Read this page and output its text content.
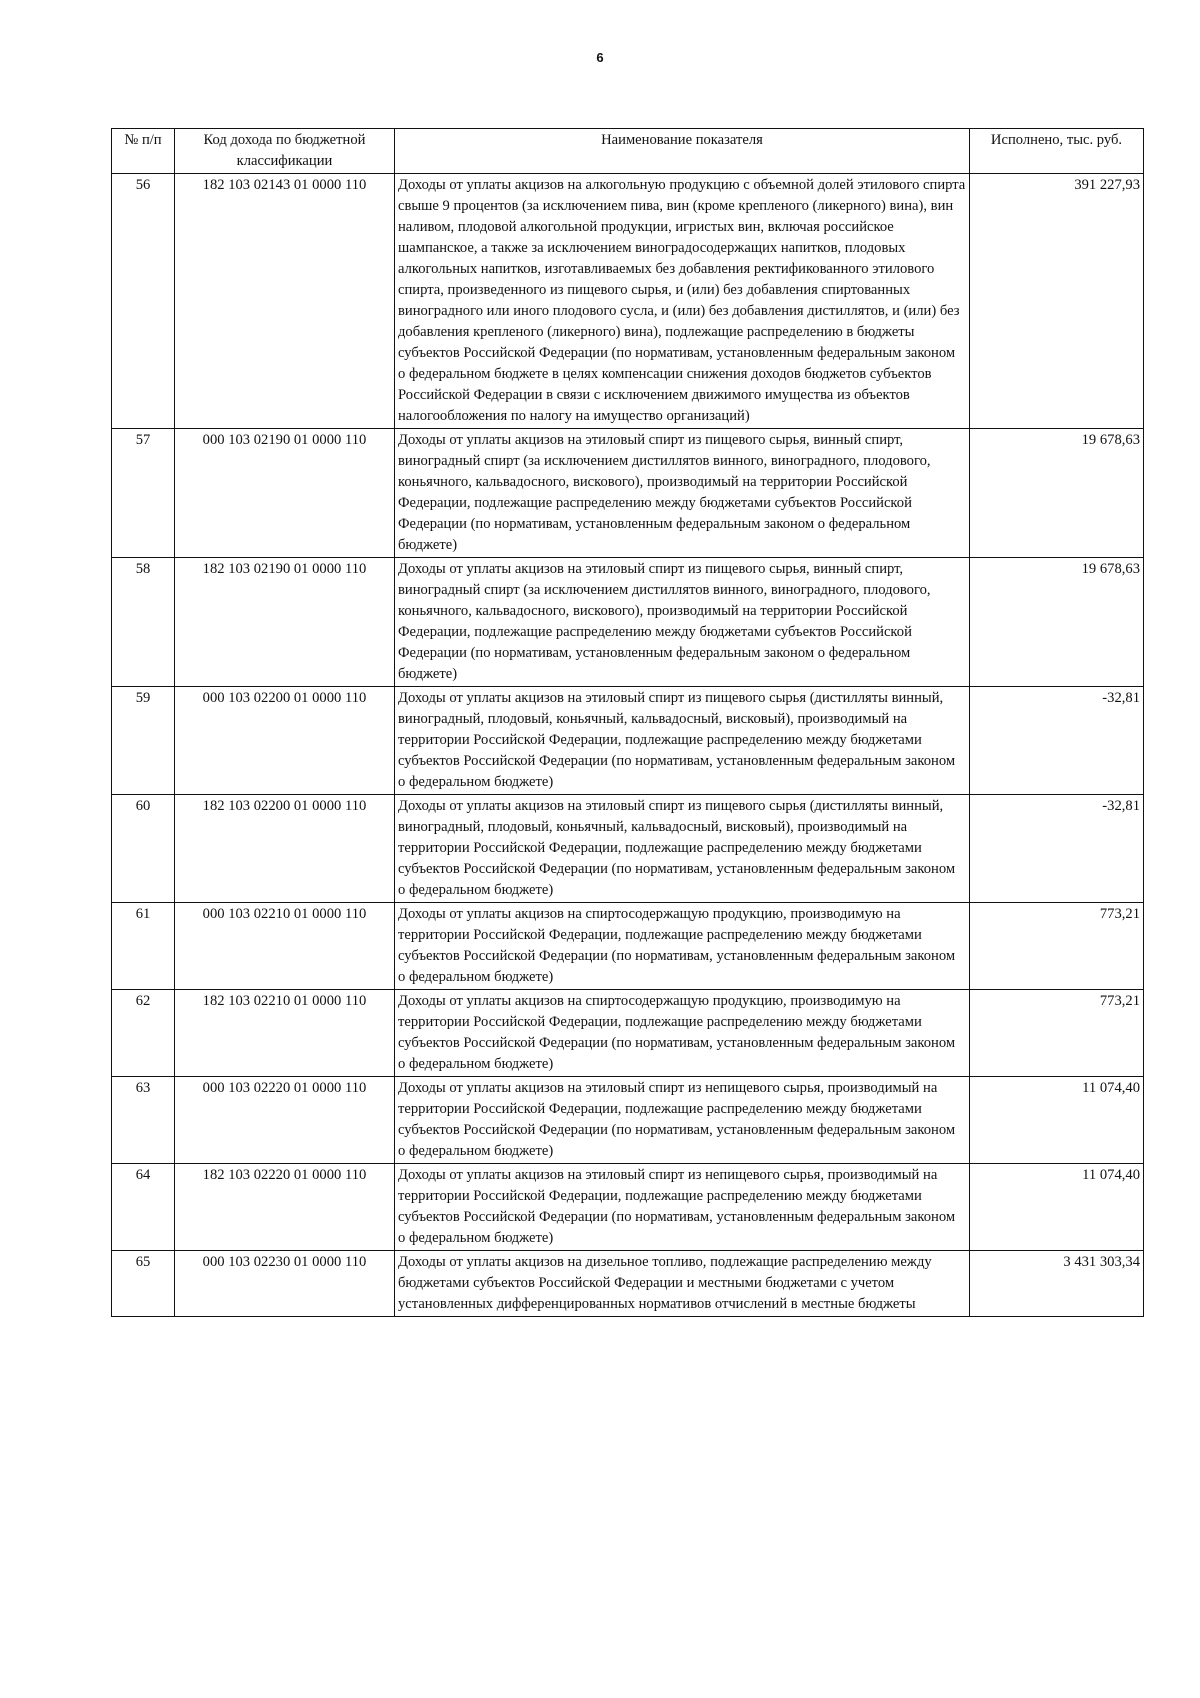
6
№ п/п	Код дохода по бюджетной классификации	Наименование показателя	Исполнено, тыс. руб.
56	182 103 02143 01 0000 110	Доходы от уплаты акцизов на алкогольную продукцию с объемной долей этилового спирта свыше 9 процентов (за исключением пива, вин (кроме крепленого (ликерного) вина), вин наливом, плодовой алкогольной продукции, игристых вин, включая российское шампанское, а также за исключением виноградосодержащих напитков, плодовых алкогольных напитков, изготавливаемых без добавления ректификованного этилового спирта, произведенного из пищевого сырья, и (или) без добавления спиртованных виноградного или иного плодового сусла, и (или) без добавления дистиллятов, и (или) без добавления крепленого (ликерного) вина), подлежащие распределению в бюджеты субъектов Российской Федерации (по нормативам, установленным федеральным законом о федеральном бюджете в целях компенсации снижения доходов бюджетов субъектов Российской Федерации в связи с исключением движимого имущества из объектов налогообложения по налогу на имущество организаций)	391 227,93
57	000 103 02190 01 0000 110	Доходы от уплаты акцизов на этиловый спирт из пищевого сырья, винный спирт, виноградный спирт (за исключением дистиллятов винного, виноградного, плодового, коньячного, кальвадосного, вискового), производимый на территории Российской Федерации, подлежащие распределению между бюджетами субъектов Российской Федерации (по нормативам, установленным федеральным законом о федеральном бюджете)	19 678,63
58	182 103 02190 01 0000 110	Доходы от уплаты акцизов на этиловый спирт из пищевого сырья, винный спирт, виноградный спирт (за исключением дистиллятов винного, виноградного, плодового, коньячного, кальвадосного, вискового), производимый на территории Российской Федерации, подлежащие распределению между бюджетами субъектов Российской Федерации (по нормативам, установленным федеральным законом о федеральном бюджете)	19 678,63
59	000 103 02200 01 0000 110	Доходы от уплаты акцизов на этиловый спирт из пищевого сырья (дистилляты винный, виноградный, плодовый, коньячный, кальвадосный, висковый), производимый на территории Российской Федерации, подлежащие распределению между бюджетами субъектов Российской Федерации (по нормативам, установленным федеральным законом о федеральном бюджете)	-32,81
60	182 103 02200 01 0000 110	Доходы от уплаты акцизов на этиловый спирт из пищевого сырья (дистилляты винный, виноградный, плодовый, коньячный, кальвадосный, висковый), производимый на территории Российской Федерации, подлежащие распределению между бюджетами субъектов Российской Федерации (по нормативам, установленным федеральным законом о федеральном бюджете)	-32,81
61	000 103 02210 01 0000 110	Доходы от уплаты акцизов на спиртосодержащую продукцию, производимую на территории Российской Федерации, подлежащие распределению между бюджетами субъектов Российской Федерации (по нормативам, установленным федеральным законом о федеральном бюджете)	773,21
62	182 103 02210 01 0000 110	Доходы от уплаты акцизов на спиртосодержащую продукцию, производимую на территории Российской Федерации, подлежащие распределению между бюджетами субъектов Российской Федерации (по нормативам, установленным федеральным законом о федеральном бюджете)	773,21
63	000 103 02220 01 0000 110	Доходы от уплаты акцизов на этиловый спирт из непищевого сырья, производимый на территории Российской Федерации, подлежащие распределению между бюджетами субъектов Российской Федерации (по нормативам, установленным федеральным законом о федеральном бюджете)	11 074,40
64	182 103 02220 01 0000 110	Доходы от уплаты акцизов на этиловый спирт из непищевого сырья, производимый на территории Российской Федерации, подлежащие распределению между бюджетами субъектов Российской Федерации (по нормативам, установленным федеральным законом о федеральном бюджете)	11 074,40
65	000 103 02230 01 0000 110	Доходы от уплаты акцизов на дизельное топливо, подлежащие распределению между бюджетами субъектов Российской Федерации и местными бюджетами с учетом установленных дифференцированных нормативов отчислений в местные бюджеты	3 431 303,34
